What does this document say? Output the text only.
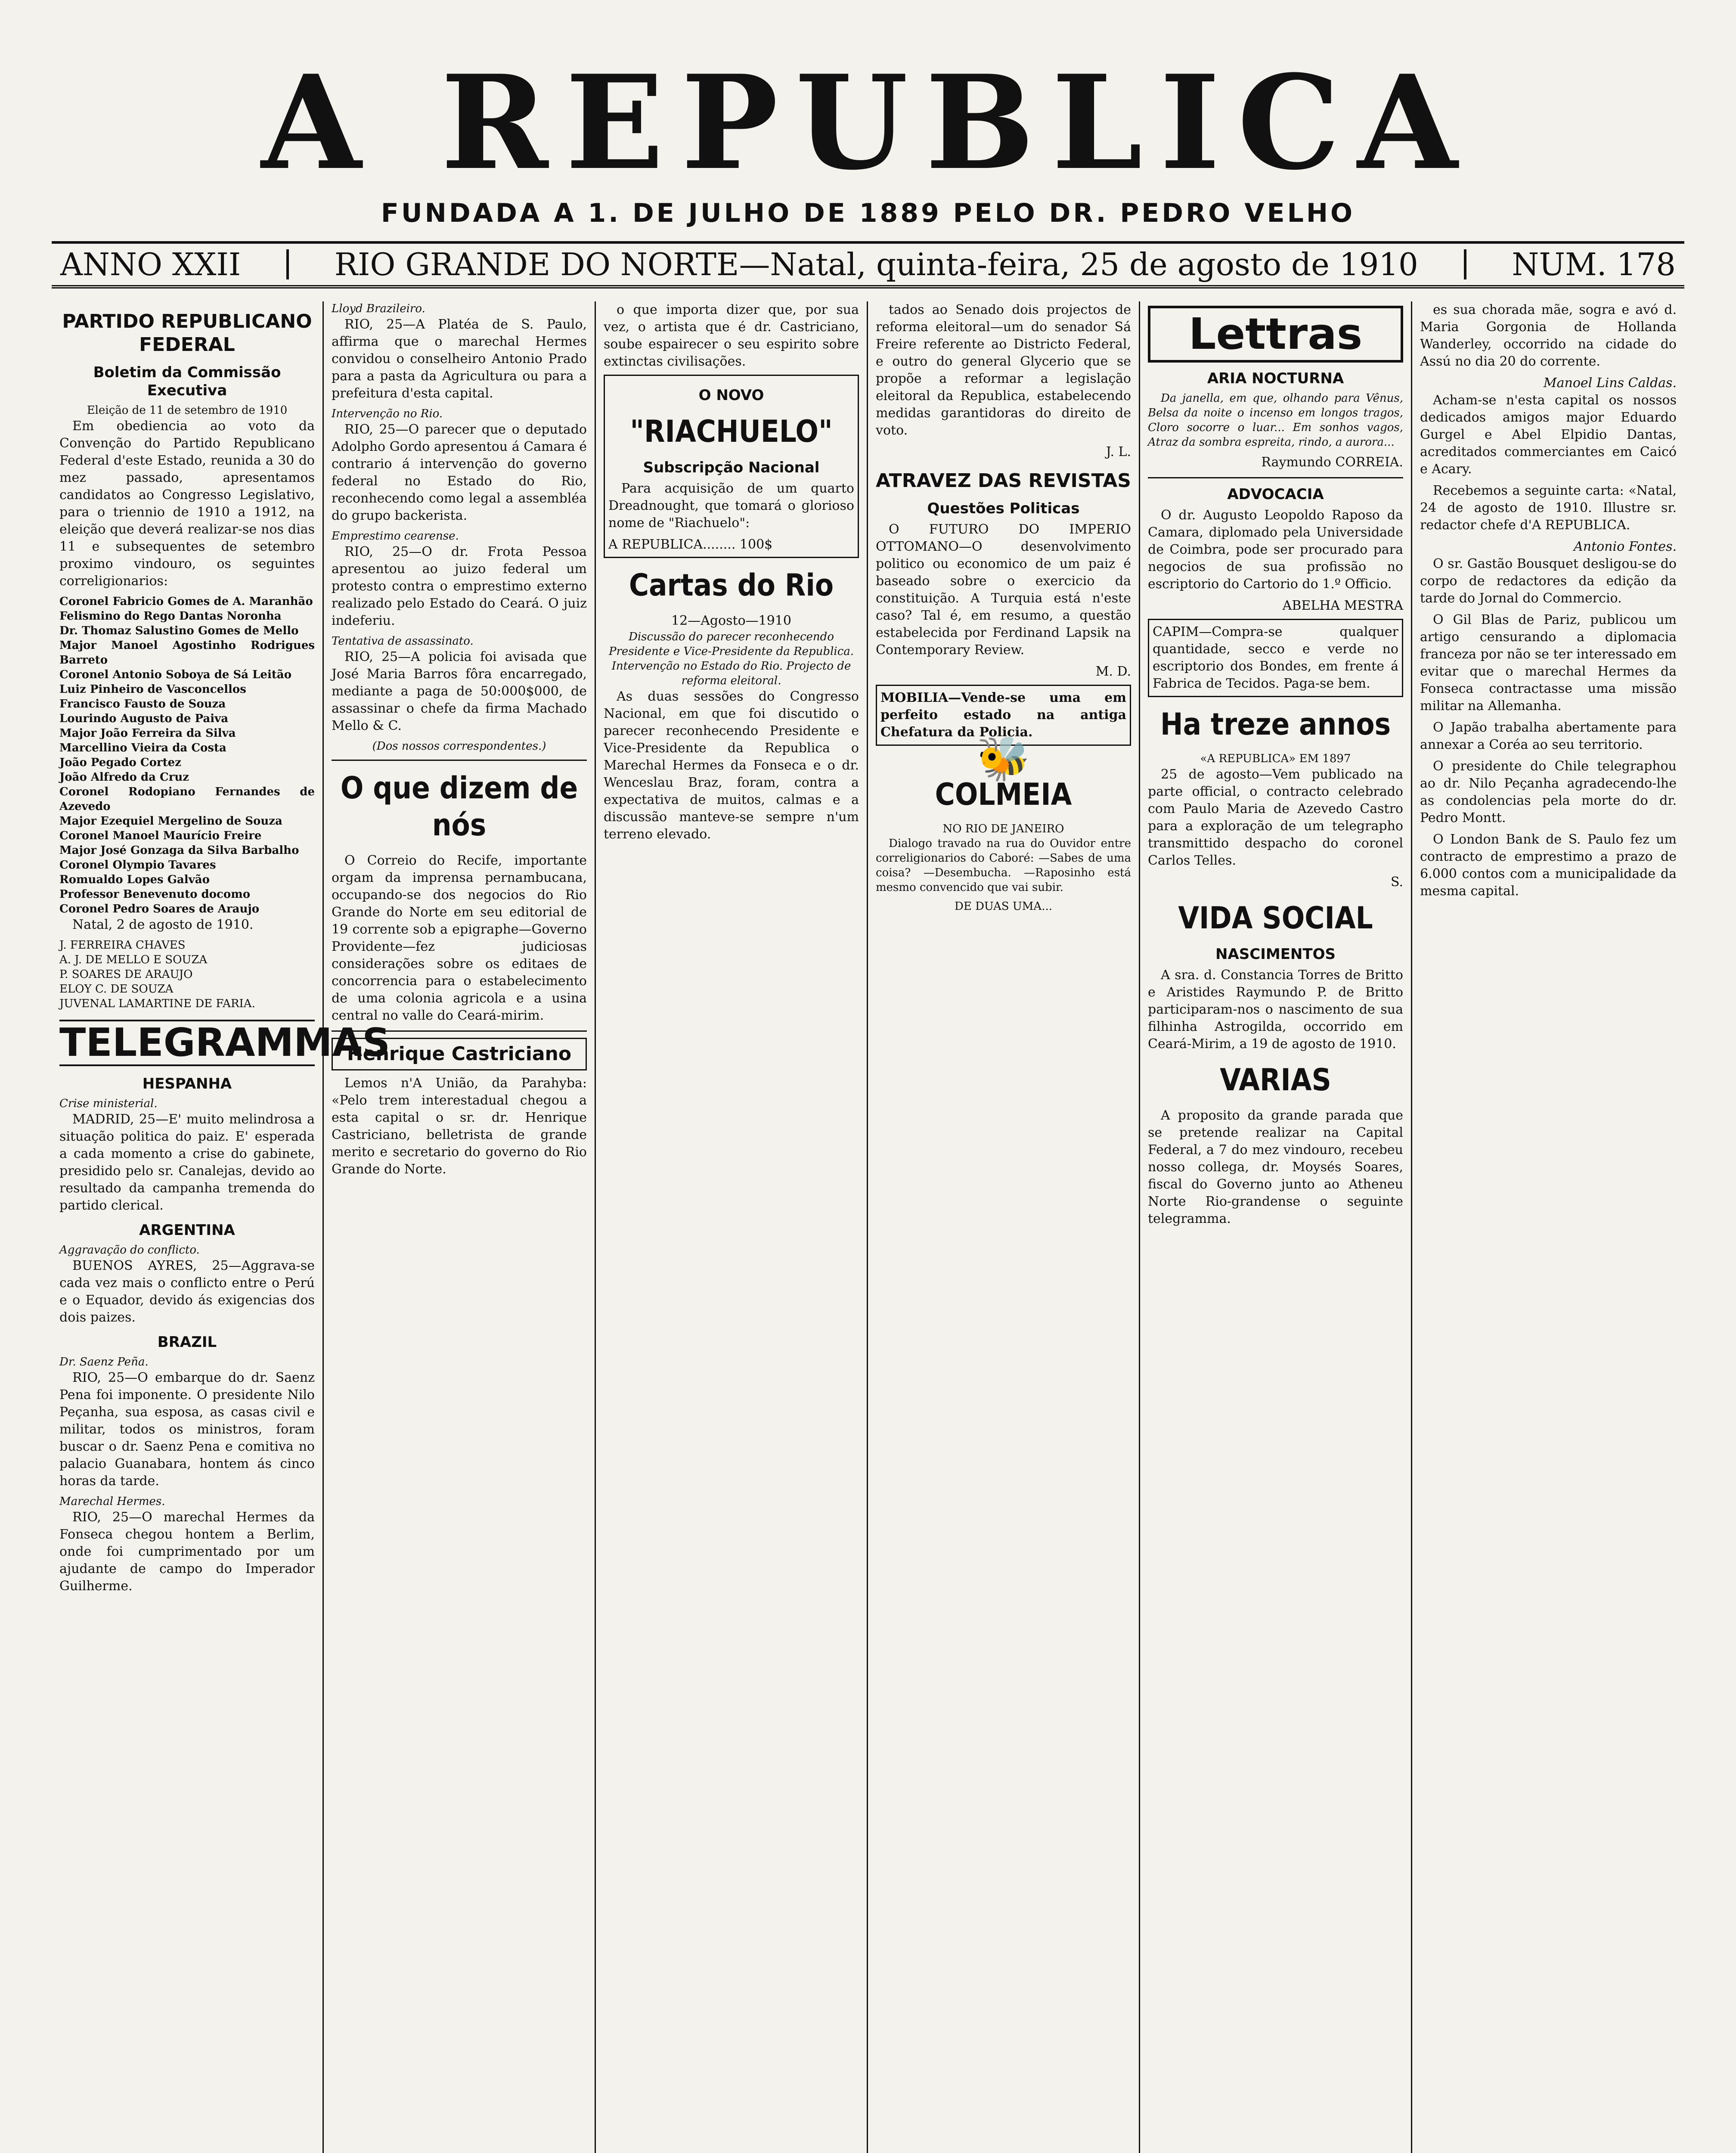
A REPUBLICA
FUNDADA A 1. DE JULHO DE 1889 PELO DR. PEDRO VELHO
ANNO XXII	RIO GRANDE DO NORTE—Natal, quinta-feira, 25 de agosto de 1910	NUM. 178
PARTIDO REPUBLICANO FEDERAL
Boletim da Commissão Executiva
Eleição de 11 de setembro de 1910

Em obediencia ao voto da Convenção do Partido Republicano Federal d'este Estado, reunida a 30 do mez passado, apresentamos candidatos ao Congresso Legislativo, para o triennio de 1910 a 1912, na eleição que deverá realizar-se nos dias 11 e subsequentes de setembro proximo vindouro, os seguintes correligionarios:

Coronel Fabricio Gomes de A. Maranhão
Felismino do Rego Dantas Noronha
Dr. Thomaz Salustino Gomes de Mello
Major Manoel Agostinho Rodrigues Barreto
Coronel Antonio Soboya de Sá Leitão
Luiz Pinheiro de Vasconcellos
Francisco Fausto de Souza
Lourindo Augusto de Paiva
Major João Ferreira da Silva
Marcellino Vieira da Costa
João Pegado Cortez
João Alfredo da Cruz
Coronel Rodopiano Fernandes de Azevedo
Major Ezequiel Mergelino de Souza
Coronel Manoel Maurício Freire
Major José Gonzaga da Silva Barbalho
Coronel Olympio Tavares
Romualdo Lopes Galvão
Professor Benevenuto docomo
Coronel Pedro Soares de Araujo

Natal, 2 de agosto de 1910.

J. FERREIRA CHAVES
A. J. DE MELLO E SOUZA
P. SOARES DE ARAUJO
ELOY C. DE SOUZA
JUVENAL LAMARTINE DE FARIA.
TELEGRAMMAS
HESPANHA
Crise ministerial.

MADRID, 25—E' muito melindrosa a situação politica do paiz. E' esperada a cada momento a crise do gabinete, presidido pelo sr. Canalejas, devido ao resultado da campanha tremenda do partido clerical.

ARGENTINA
Aggravação do conflicto.

BUENOS AYRES, 25—Aggrava-se cada vez mais o conflicto entre o Perú e o Equador, devido ás exigencias dos dois paizes.

BRAZIL
Dr. Saenz Peña.

RIO, 25—O embarque do dr. Saenz Pena foi imponente. O presidente Nilo Peçanha, sua esposa, as casas civil e militar, todos os ministros, foram buscar o dr. Saenz Pena e comitiva no palacio Guanabara, hontem ás cinco horas da tarde.

Marechal Hermes.

RIO, 25—O marechal Hermes da Fonseca chegou hontem a Berlim, onde foi cumprimentado por um ajudante de campo do Imperador Guilherme.

Lloyd Brazileiro.

RIO, 25—A Platéa de S. Paulo, affirma que o marechal Hermes convidou o conselheiro Antonio Prado para a pasta da Agricultura ou para a prefeitura d'esta capital.

Intervenção no Rio.

RIO, 25—O parecer que o deputado Adolpho Gordo apresentou á Camara é contrario á intervenção do governo federal no Estado do Rio, reconhecendo como legal a assembléa do grupo backerista.

Emprestimo cearense.

RIO, 25—O dr. Frota Pessoa apresentou ao juizo federal um protesto contra o emprestimo externo realizado pelo Estado do Ceará. O juiz indeferiu.

Tentativa de assassinato.

RIO, 25—A policia foi avisada que José Maria Barros fôra encarregado, mediante a paga de 50:000$000, de assassinar o chefe da firma Machado Mello & C.

(Dos nossos correspondentes.)
O que dizem de nós

O Correio do Recife, importante orgam da imprensa pernambucana, occupando-se dos negocios do Rio Grande do Norte em seu editorial de 19 corrente sob a epigraphe—Governo Providente—fez judiciosas considerações sobre os editaes de concorrencia para o estabelecimento de uma colonia agricola e a usina central no valle do Ceará-mirim.

Henrique Castriciano

Lemos n'A União, da Parahyba: «Pelo trem interestadual chegou a esta capital o sr. dr. Henrique Castriciano, belletrista de grande merito e secretario do governo do Rio Grande do Norte.

o que importa dizer que, por sua vez, o artista que é dr. Castriciano, soube espairecer o seu espirito sobre extinctas civilisações.

O NOVO
"RIACHUELO"
Subscripção Nacional

Para acquisição de um quarto Dreadnought, que tomará o glorioso nome de "Riachuelo":

A REPUBLICA........ 100$
Cartas do Rio
12—Agosto—1910
Discussão do parecer reconhecendo Presidente e Vice-Presidente da Republica. Intervenção no Estado do Rio. Projecto de reforma eleitoral.

As duas sessões do Congresso Nacional, em que foi discutido o parecer reconhecendo Presidente e Vice-Presidente da Republica o Marechal Hermes da Fonseca e o dr. Wenceslau Braz, foram, contra a expectativa de muitos, calmas e a discussão manteve-se sempre n'um terreno elevado.

tados ao Senado dois projectos de reforma eleitoral—um do senador Sá Freire referente ao Districto Federal, e outro do general Glycerio que se propõe a reformar a legislação eleitoral da Republica, estabelecendo medidas garantidoras do direito de voto.

J. L.
ATRAVEZ DAS REVISTAS
Questões Politicas

O FUTURO DO IMPERIO OTTOMANO—O desenvolvimento politico ou economico de um paiz é baseado sobre o exercicio da constituição. A Turquia está n'este caso? Tal é, em resumo, a questão estabelecida por Ferdinand Lapsik na Contemporary Review.

M. D.
MOBILIA—Vende-se uma em perfeito estado na antiga Chefatura da Policia.
🐝
COLMEIA
NO RIO DE JANEIRO

Dialogo travado na rua do Ouvidor entre correligionarios do Caboré: —Sabes de uma coisa? —Desembucha. —Raposinho está mesmo convencido que vai subir.

DE DUAS UMA...
Lettras
ARIA NOCTURNA

Da janella, em que, olhando para Vênus, Belsa da noite o incenso em longos tragos, Cloro socorre o luar... Em sonhos vagos, Atraz da sombra espreita, rindo, a aurora...

Raymundo CORREIA.
ADVOCACIA

O dr. Augusto Leopoldo Raposo da Camara, diplomado pela Universidade de Coimbra, pode ser procurado para negocios de sua profissão no escriptorio do Cartorio do 1.º Officio.

ABELHA MESTRA
CAPIM—Compra-se qualquer quantidade, secco e verde no escriptorio dos Bondes, em frente á Fabrica de Tecidos. Paga-se bem.
Ha treze annos
«A REPUBLICA» EM 1897

25 de agosto—Vem publicado na parte official, o contracto celebrado com Paulo Maria de Azevedo Castro para a exploração de um telegrapho transmittido despacho do coronel Carlos Telles.

S.
VIDA SOCIAL
NASCIMENTOS

A sra. d. Constancia Torres de Britto e Aristides Raymundo P. de Britto participaram-nos o nascimento de sua filhinha Astrogilda, occorrido em Ceará-Mirim, a 19 de agosto de 1910.

VARIAS

A proposito da grande parada que se pretende realizar na Capital Federal, a 7 do mez vindouro, recebeu nosso collega, dr. Moysés Soares, fiscal do Governo junto ao Atheneu Norte Rio-grandense o seguinte telegramma.

es sua chorada mãe, sogra e avó d. Maria Gorgonia de Hollanda Wanderley, occorrido na cidade do Assú no dia 20 do corrente.

Manoel Lins Caldas.

Acham-se n'esta capital os nossos dedicados amigos major Eduardo Gurgel e Abel Elpidio Dantas, acreditados commerciantes em Caicó e Acary.

Recebemos a seguinte carta: «Natal, 24 de agosto de 1910. Illustre sr. redactor chefe d'A REPUBLICA.

Antonio Fontes.

O sr. Gastão Bousquet desligou-se do corpo de redactores da edição da tarde do Jornal do Commercio.

O Gil Blas de Pariz, publicou um artigo censurando a diplomacia franceza por não se ter interessado em evitar que o marechal Hermes da Fonseca contractasse uma missão militar na Allemanha.

O Japão trabalha abertamente para annexar a Coréa ao seu territorio.

O presidente do Chile telegraphou ao dr. Nilo Peçanha agradecendo-lhe as condolencias pela morte do dr. Pedro Montt.

O London Bank de S. Paulo fez um contracto de emprestimo a prazo de 6.000 contos com a municipalidade da mesma capital.
